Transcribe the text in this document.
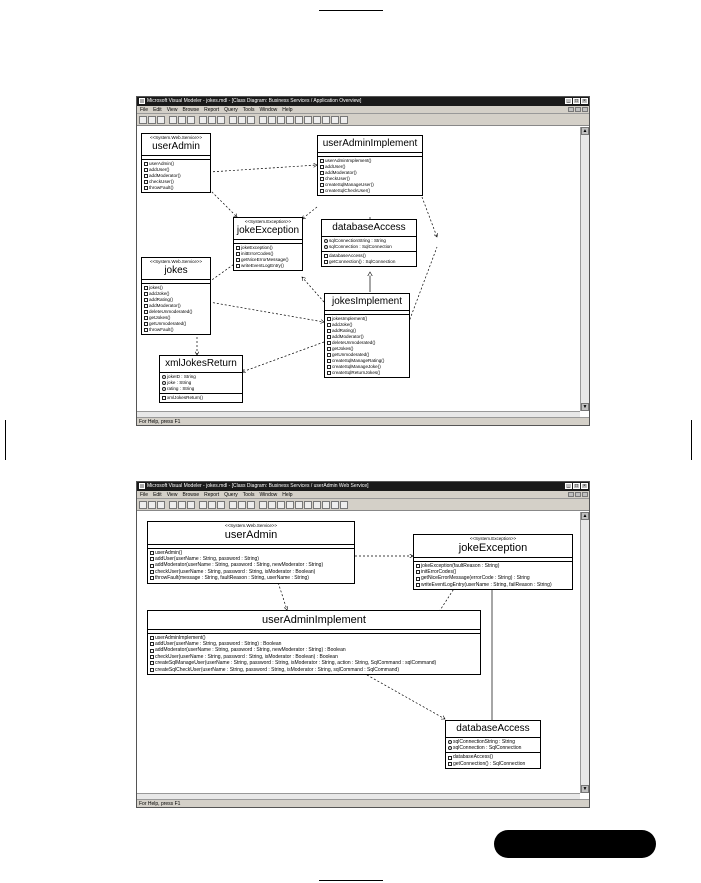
Microsoft Visual Modeler - jokes.mdl - [Class Diagram: Business Services / Application Overview]	_	□	×
File Edit View Browse Report Query Tools Window Help
<<System.Web.Service>>
userAdmin
userAdmin()
addUser()
addModerator()
checkUser()
throwFault()
<<System.Exception>>
jokeException
jokeException()
initErrorCodes()
getNiceErrorMessage()
writeEventLogEntry()
<<System.Web.Service>>
jokes
jokes()
addJoke()
addRating()
addModerator()
deleteUnmoderated()
getJokes()
getUnmoderated()
throwFault()
xmlJokesReturn
jokeID : String
joke : String
rating : String
xmlJokesReturn()
userAdminImplement
userAdminImplement()
addUser()
addModerator()
checkUser()
createSqlManageUser()
createSqlCheckUser()
databaseAccess
sqlConnectionString : String
sqlConnection : SqlConnection
databaseAccess()
getConnection() : SqlConnection
jokesImplement
jokesImplement()
addJoke()
addRating()
addModerator()
deleteUnmoderated()
getJokes()
getUnmoderated()
createSqlManageRating()
createSqlManageJoke()
createSqlReturnJokes()
▲
▼
For Help, press F1
Microsoft Visual Modeler - jokes.mdl - [Class Diagram: Business Services / userAdmin Web Service]	_	□	×
File Edit View Browse Report Query Tools Window Help
<<System.Web.Service>>
userAdmin
userAdmin()
addUser(userName : String, password : String)
addModerator(userName : String, password : String, newModerator : String)
checkUser(userName : String, password : String, isModerator : Boolean)
throwFault(message : String, faultReason : String, userName : String)
<<System.Exception>>
jokeException
jokeException(faultReason : String)
initErrorCodes()
getNiceErrorMessage(errorCode : String) : String
writeEventLogEntry(userName : String, failReason : String)
userAdminImplement
userAdminImplement()
addUser(userName : String, password : String) : Boolean
addModerator(userName : String, password : String, newModerator : String) : Boolean
checkUser(userName : String, password : String, isModerator : Boolean) : Boolean
createSqlManageUser(userName : String, password : String, isModerator : String, action : String, SqlCommand : sqlCommand)
createSqlCheckUser(userName : String, password : String, isModerator : String, sqlCommand : SqlCommand)
databaseAccess
sqlConnectionString : String
sqlConnection : SqlConnection
databaseAccess()
getConnection() : SqlConnection
▲
▼
For Help, press F1
